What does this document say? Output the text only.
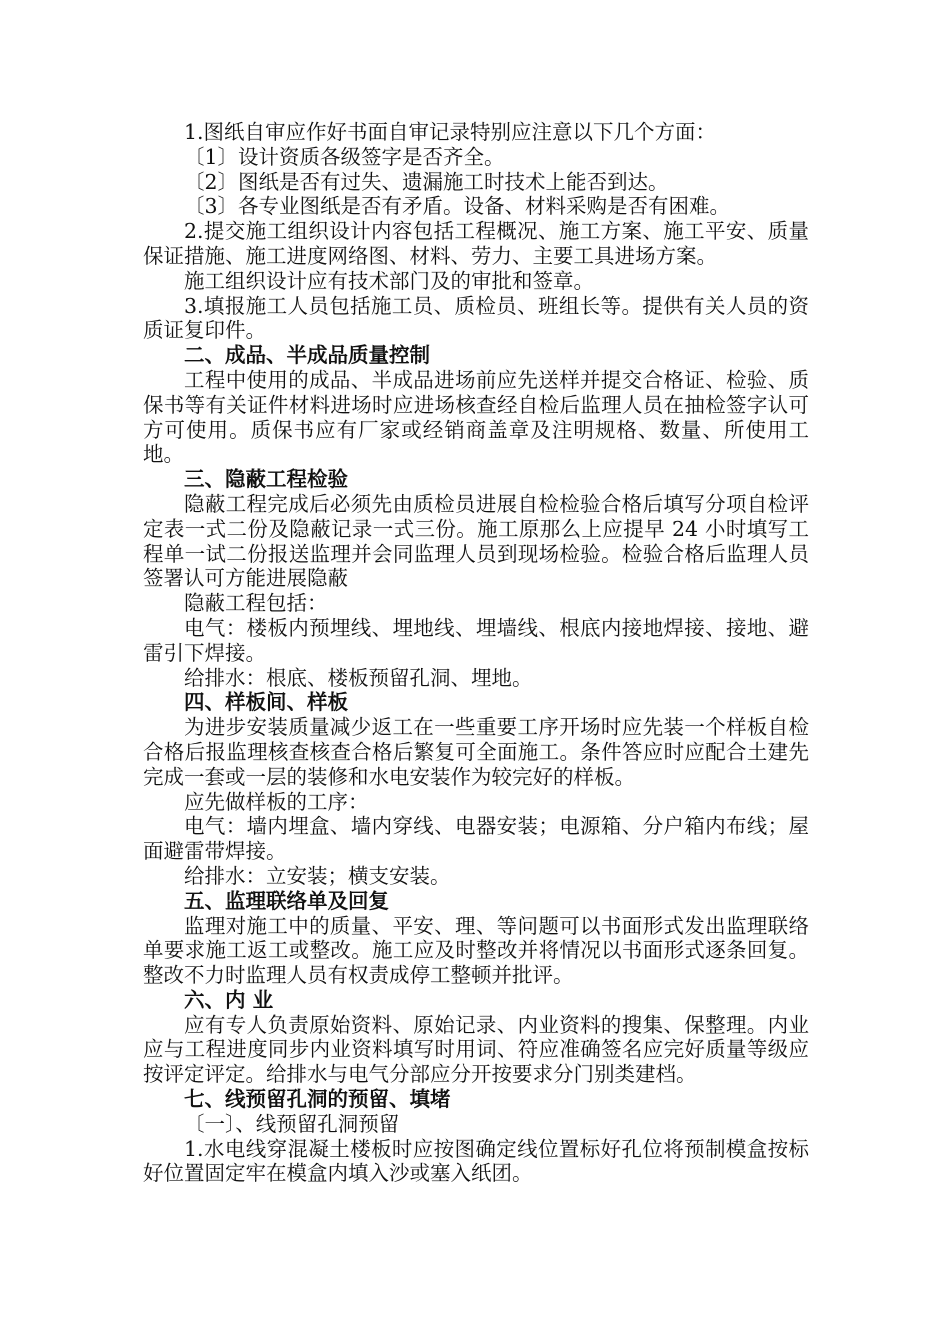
1.图纸自审应作好书面自审记录特别应注意以下几个方面：

〔1〕设计资质各级签字是否齐全。

〔2〕图纸是否有过失、遗漏施工时技术上能否到达。

〔3〕各专业图纸是否有矛盾。设备、材料采购是否有困难。

2.提交施工组织设计内容包括工程概况、施工方案、施工平安、质量保证措施、施工进度网络图、材料、劳力、主要工具进场方案。

施工组织设计应有技术部门及的审批和签章。

3.填报施工人员包括施工员、质检员、班组长等。提供有关人员的资质证复印件。

二、成品、半成品质量控制

工程中使用的成品、半成品进场前应先送样并提交合格证、检验、质保书等有关证件材料进场时应进场核查经自检后监理人员在抽检签字认可方可使用。质保书应有厂家或经销商盖章及注明规格、数量、所使用工地。

三、隐蔽工程检验

隐蔽工程完成后必须先由质检员进展自检检验合格后填写分项自检评定表一式二份及隐蔽记录一式三份。施工原那么上应提早 24 小时填写工程单一试二份报送监理并会同监理人员到现场检验。检验合格后监理人员签署认可方能进展隐蔽

隐蔽工程包括：

电气：楼板内预埋线、埋地线、埋墙线、根底内接地焊接、接地、避雷引下焊接。

给排水：根底、楼板预留孔洞、埋地。

四、样板间、样板

为进步安装质量减少返工在一些重要工序开场时应先装一个样板自检合格后报监理核查核查合格后繁复可全面施工。条件答应时应配合土建先完成一套或一层的装修和水电安装作为较完好的样板。

应先做样板的工序：

电气：墙内埋盒、墙内穿线、电器安装；电源箱、分户箱内布线；屋面避雷带焊接。

给排水：立安装；横支安装。

五、监理联络单及回复

监理对施工中的质量、平安、理、等问题可以书面形式发出监理联络单要求施工返工或整改。施工应及时整改并将情况以书面形式逐条回复。整改不力时监理人员有权责成停工整顿并批评。

六、内 业

应有专人负责原始资料、原始记录、内业资料的搜集、保整理。内业应与工程进度同步内业资料填写时用词、符应准确签名应完好质量等级应按评定评定。给排水与电气分部应分开按要求分门别类建档。

七、线预留孔洞的预留、填堵

〔一〕、线预留孔洞预留

1.水电线穿混凝土楼板时应按图确定线位置标好孔位将预制模盒按标好位置固定牢在模盒内填入沙或塞入纸团。
